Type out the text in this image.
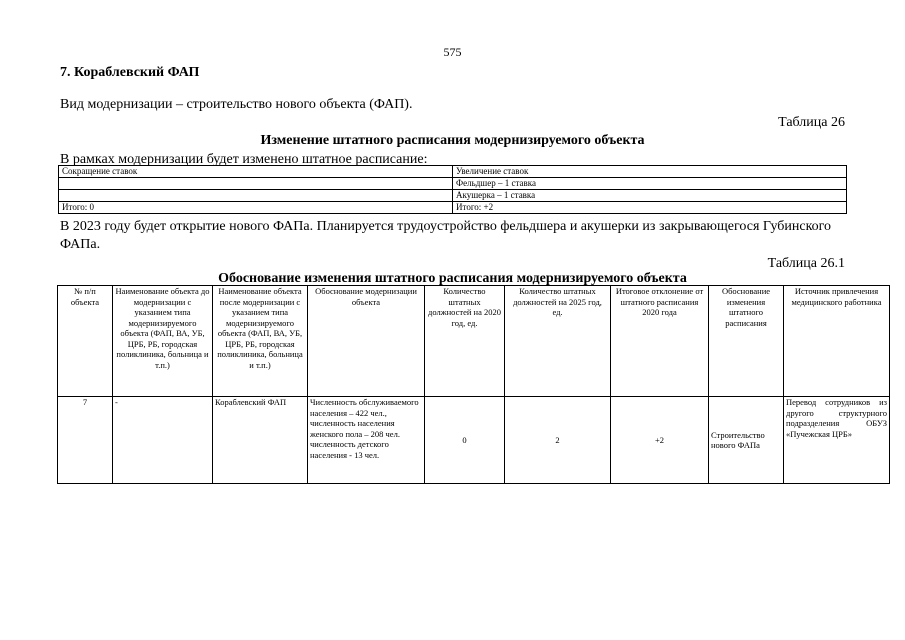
575
7. Кораблевский ФАП
Вид модернизации – строительство нового объекта (ФАП).
Таблица 26
Изменение штатного расписания модернизируемого объекта
В рамках модернизации будет изменено штатное расписание:
Сокращение ставок	Увеличение ставок
	Фельдшер – 1 ставка
	Акушерка – 1 ставка
Итого: 0	Итого: +2
В 2023 году будет открытие нового ФАПа. Планируется трудоустройство фельдшера и акушерки из закрывающегося Губинского ФАПа.
Таблица 26.1
Обоснование изменения штатного расписания модернизируемого объекта
№ п/п объекта	Наименование объекта до модернизации с указанием типа модернизируемого объекта (ФАП, ВА, УБ, ЦРБ, РБ, городская поликлиника, больница и т.п.)	Наименование объекта после модернизации с указанием типа модернизируемого объекта (ФАП, ВА, УБ, ЦРБ, РБ, городская поликлиника, больница и т.п.)	Обоснование модернизации объекта	Количество штатных должностей на 2020 год, ед.	Количество штатных должностей на 2025 год, ед.	Итоговое отклонение от штатного расписания 2020 года	Обоснование изменения штатного расписания	Источник привлечения медицинского работника
7	-	Кораблевский ФАП	Численность обслуживаемого населения – 422 чел., численность населения женского пола – 208 чел. численность детского населения - 13 чел.	0	2	+2	Строительство нового ФАПа	Перевод сотрудников из другого структурного подразделения ОБУЗ «Пучежская ЦРБ»
